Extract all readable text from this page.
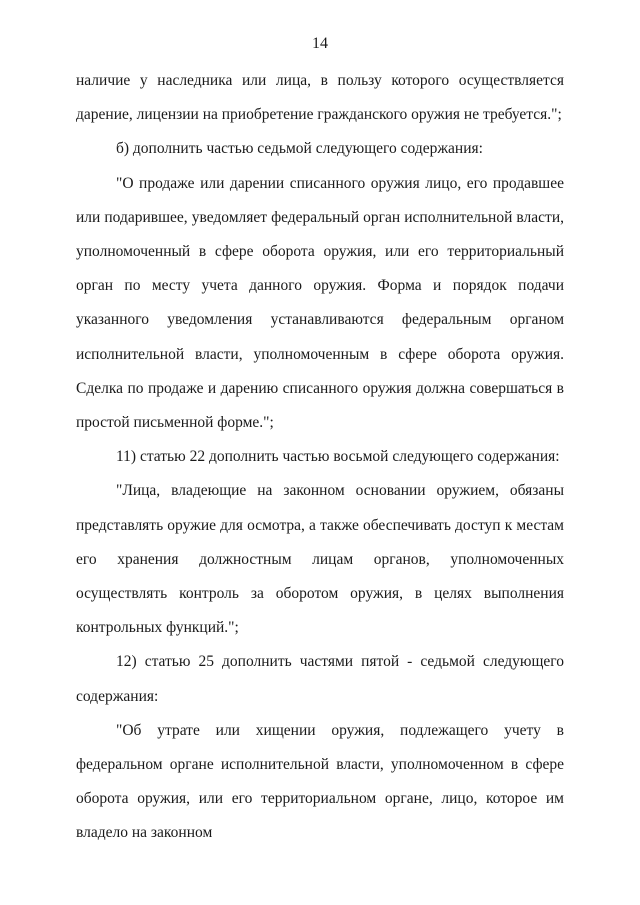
14

наличие у наследника или лица, в пользу которого осуществляется дарение, лицензии на приобретение гражданского оружия не требуется.";

б) дополнить частью седьмой следующего содержания:

"О продаже или дарении списанного оружия лицо, его продавшее или подарившее, уведомляет федеральный орган исполнительной власти, уполномоченный в сфере оборота оружия, или его территориальный орган по месту учета данного оружия. Форма и порядок подачи указанного уведомления устанавливаются федеральным органом исполнительной власти, уполномоченным в сфере оборота оружия. Сделка по продаже и дарению списанного оружия должна совершаться в простой письменной форме.";

11) статью 22 дополнить частью восьмой следующего содержания:

"Лица, владеющие на законном основании оружием, обязаны представлять оружие для осмотра, а также обеспечивать доступ к местам его хранения должностным лицам органов, уполномоченных осуществлять контроль за оборотом оружия, в целях выполнения контрольных функций.";

12) статью 25 дополнить частями пятой - седьмой следующего содержания:

"Об утрате или хищении оружия, подлежащего учету в федеральном органе исполнительной власти, уполномоченном в сфере оборота оружия, или его территориальном органе, лицо, которое им владело на законном
